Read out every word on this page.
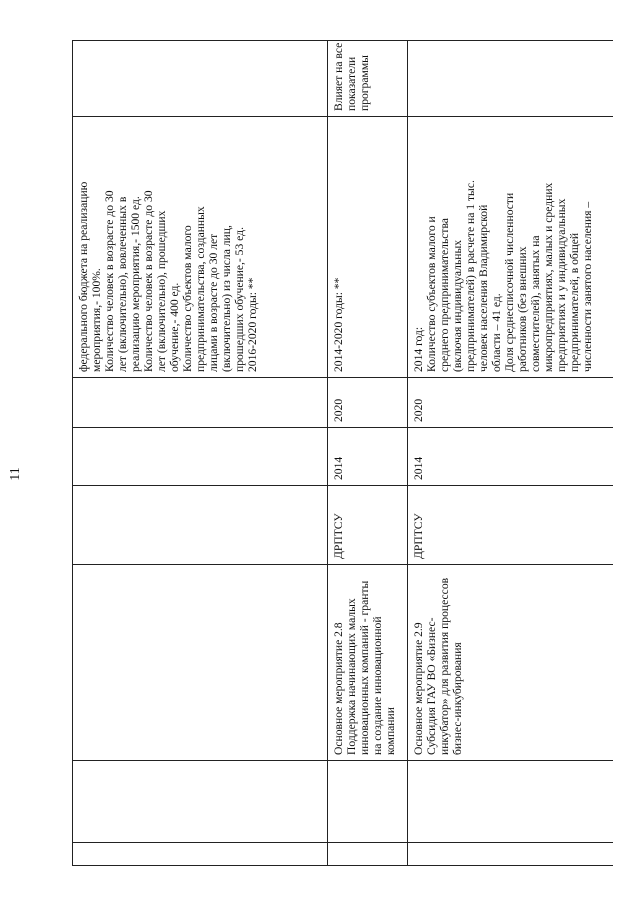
11
федерального бюджета на реализацию мероприятия,- 100%. Количество человек в возрасте до 30 лет (включительно), вовлеченных в реализацию мероприятия,- 1500 ед. Количество человек в возрасте до 30 лет (включительно), прошедших обучение,- 400 ед. Количество субъектов малого предпринимательства, созданных лицами в возрасте до 30 лет (включительно) из числа лиц, прошедших обучение,- 53 ед. 2016-2020 годы: **
Основное мероприятие 2.8 Поддержка начинающих малых инновационных компаний - гранты на создание инновационной компании
ДРПТСУ
2014
2020
2014-2020 годы: **
Влияет на все показатели программы
Основное мероприятие 2.9 Субсидия ГАУ ВО «Бизнес- инкубатор» для развития процессов бизнес-инкубирования
ДРПТСУ
2014
2020
2014 год: Количество субъектов малого и среднего предпринимательства (включая индивидуальных предпринимателей) в расчете на 1 тыс. человек населения Владимирской области – 41 ед. Доля среднесписочной численности работников (без внешних совместителей), занятых на микропредприятиях, малых и средних предприятиях и у индивидуальных предпринимателей, в общей численности занятого населения –
